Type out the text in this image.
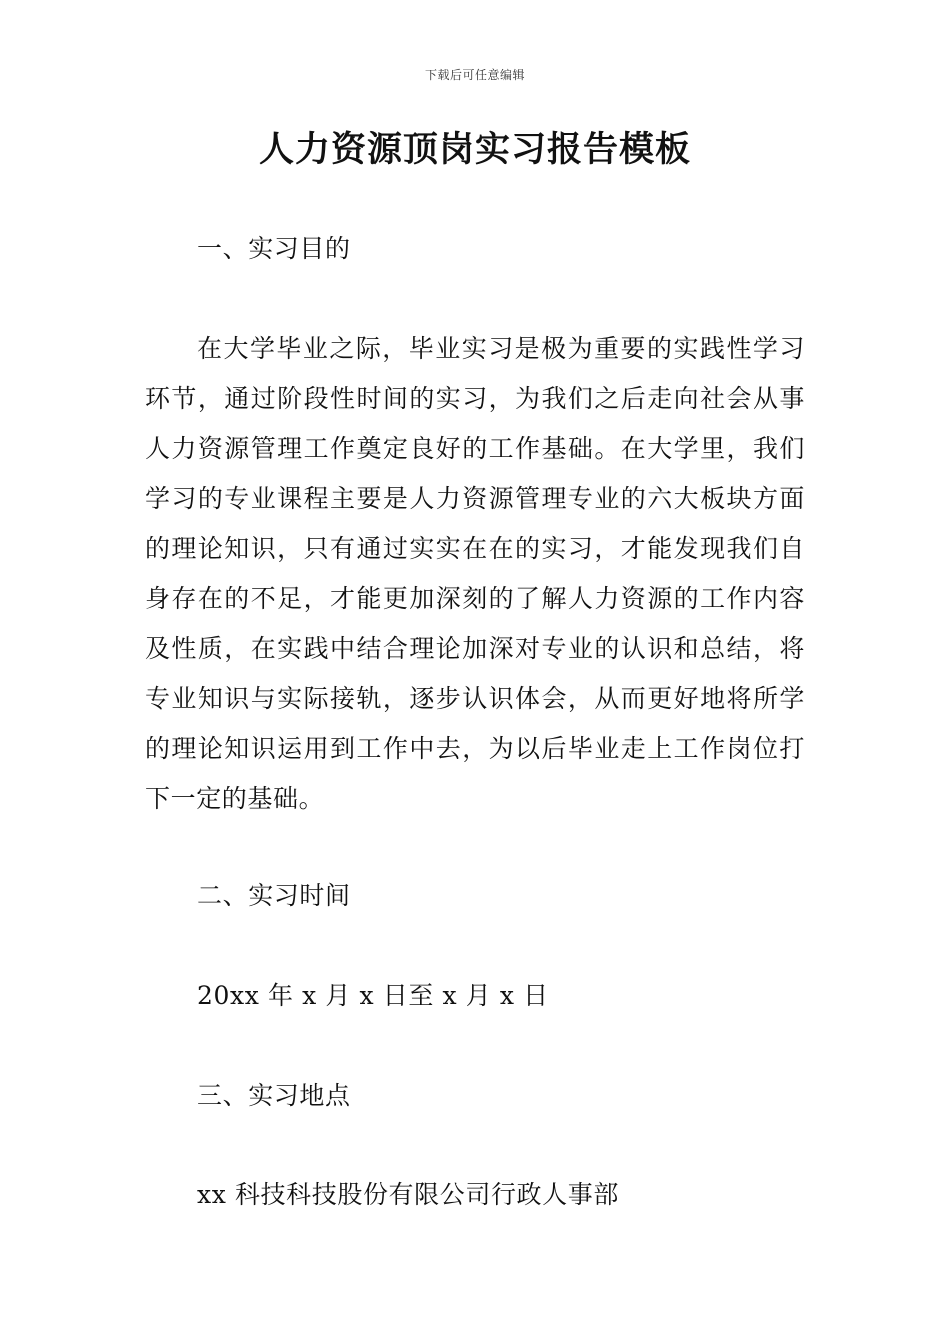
下载后可任意编辑
人力资源顶岗实习报告模板

一、实习目的

在大学毕业之际，毕业实习是极为重要的实践性学习环节，通过阶段性时间的实习，为我们之后走向社会从事人力资源管理工作奠定良好的工作基础。在大学里，我们学习的专业课程主要是人力资源管理专业的六大板块方面的理论知识，只有通过实实在在的实习，才能发现我们自身存在的不足，才能更加深刻的了解人力资源的工作内容及性质，在实践中结合理论加深对专业的认识和总结，将专业知识与实际接轨，逐步认识体会，从而更好地将所学的理论知识运用到工作中去，为以后毕业走上工作岗位打下一定的基础。

二、实习时间

20xx 年 x 月 x 日至 x 月 x 日

三、实习地点

xx 科技科技股份有限公司行政人事部
